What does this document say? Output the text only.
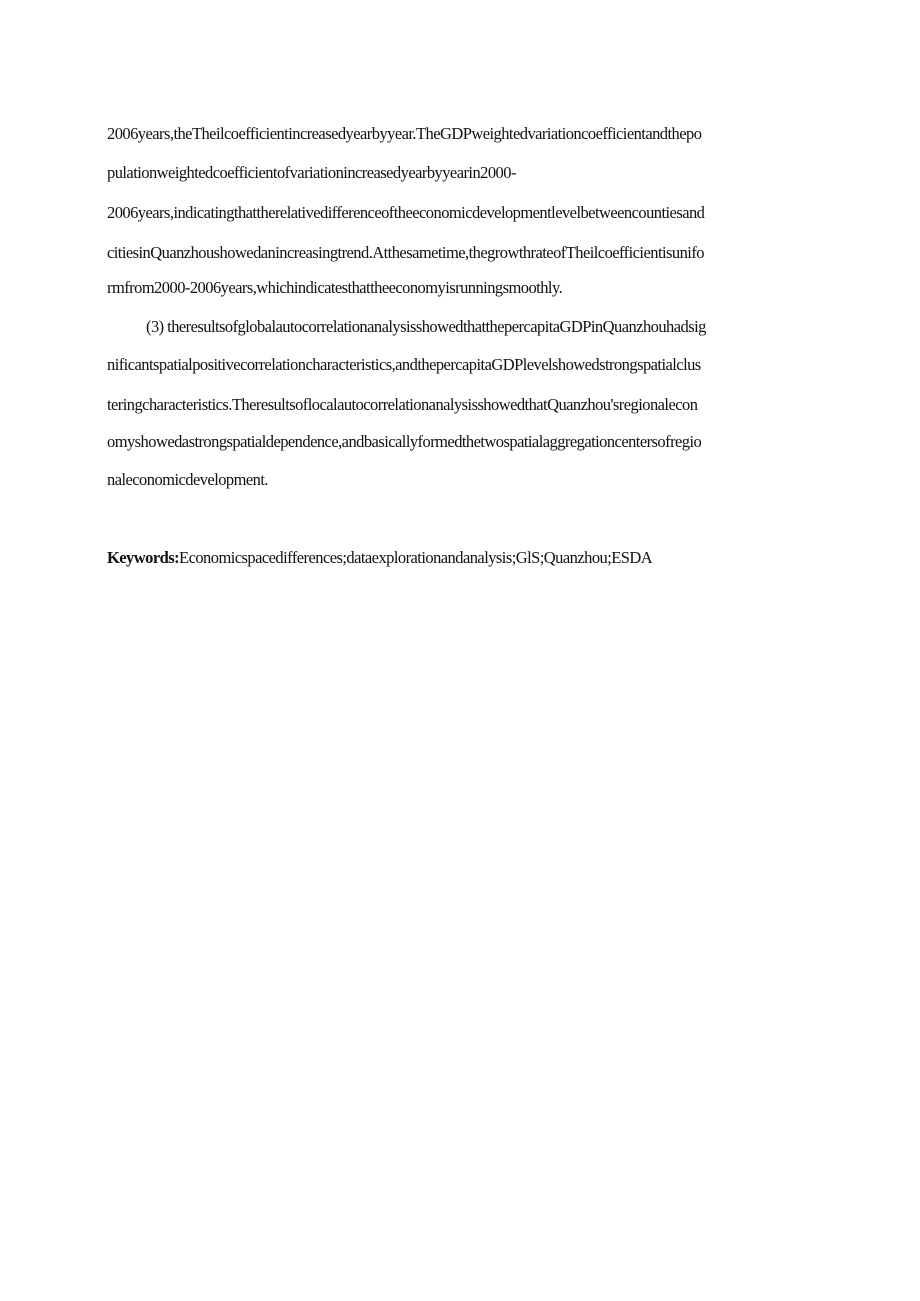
2006years,theTheilcoefficientincreasedyearbyyear.TheGDPweightedvariationcoefficientandthepo

pulationweightedcoefficientofvariationincreasedyearbyyearin2000-

2006years,indicatingthattherelativedifferenceoftheeconomicdevelopmentlevelbetweencountiesand

citiesinQuanzhoushowedanincreasingtrend.Atthesametime,thegrowthrateofTheilcoefficientisunifo

rmfrom2000-2006years,whichindicatesthattheeconomyisrunningsmoothly.

(3) theresultsofglobalautocorrelationanalysisshowedthatthepercapitaGDPinQuanzhouhadsig

nificantspatialpositivecorrelationcharacteristics,andthepercapitaGDPlevelshowedstrongspatialclus

teringcharacteristics.TheresultsoflocalautocorrelationanalysisshowedthatQuanzhou'sregionalecon

omyshowedastrongspatialdependence,andbasicallyformedthetwospatialaggregationcentersofregio

naleconomicdevelopment.

Keywords:Economicspacedifferences;dataexplorationandanalysis;GlS;Quanzhou;ESDA
